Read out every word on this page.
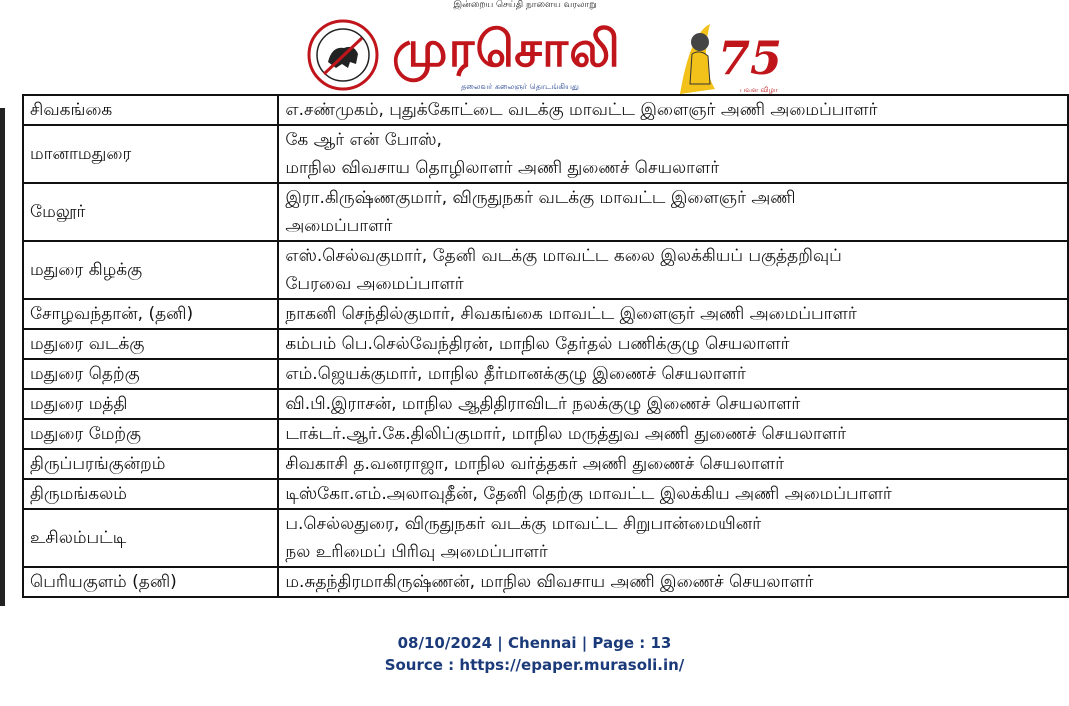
இன்றைய செய்தி நாளைய வரலாறு
முரசொலி
தலைவர் கலைஞர் தொடங்கியது
75
பவள விழா
சிவகங்கை	எ.சண்முகம், புதுக்கோட்டை வடக்கு மாவட்ட இளைஞர் அணி அமைப்பாளர்

மானாமதுரை	கே ஆர் என் போஸ்,
மாநில விவசாய தொழிலாளர் அணி துணைச் செயலாளர்

மேலூர்	இரா.கிருஷ்ணகுமார், விருதுநகர் வடக்கு மாவட்ட இளைஞர் அணி
அமைப்பாளர்

மதுரை கிழக்கு	எஸ்.செல்வகுமார், தேனி வடக்கு மாவட்ட கலை இலக்கியப் பகுத்தறிவுப்
பேரவை அமைப்பாளர்

சோழவந்தான், (தனி)	நாகனி செந்தில்குமார், சிவகங்கை மாவட்ட இளைஞர் அணி அமைப்பாளர்

மதுரை வடக்கு	கம்பம் பெ.செல்வேந்திரன், மாநில தேர்தல் பணிக்குழு செயலாளர்

மதுரை தெற்கு	எம்.ஜெயக்குமார், மாநில தீர்மானக்குழு இணைச் செயலாளர்

மதுரை மத்தி	வி.பி.இராசன், மாநில ஆதிதிராவிடர் நலக்குழு இணைச் செயலாளர்

மதுரை மேற்கு	டாக்டர்.ஆர்.கே.திலிப்குமார், மாநில மருத்துவ அணி துணைச் செயலாளர்

திருப்பரங்குன்றம்	சிவகாசி த.வனராஜா, மாநில வர்த்தகர் அணி துணைச் செயலாளர்

திருமங்கலம்	டிஸ்கோ.எம்.அலாவுதீன், தேனி தெற்கு மாவட்ட இலக்கிய அணி அமைப்பாளர்

உசிலம்பட்டி	ப.செல்லதுரை, விருதுநகர் வடக்கு மாவட்ட சிறுபான்மையினர்
நல உரிமைப் பிரிவு அமைப்பாளர்

பெரியகுளம் (தனி)	ம.சுதந்திரமாகிருஷ்ணன், மாநில விவசாய அணி இணைச் செயலாளர்
08/10/2024 | Chennai | Page : 13
Source : https://epaper.murasoli.in/
